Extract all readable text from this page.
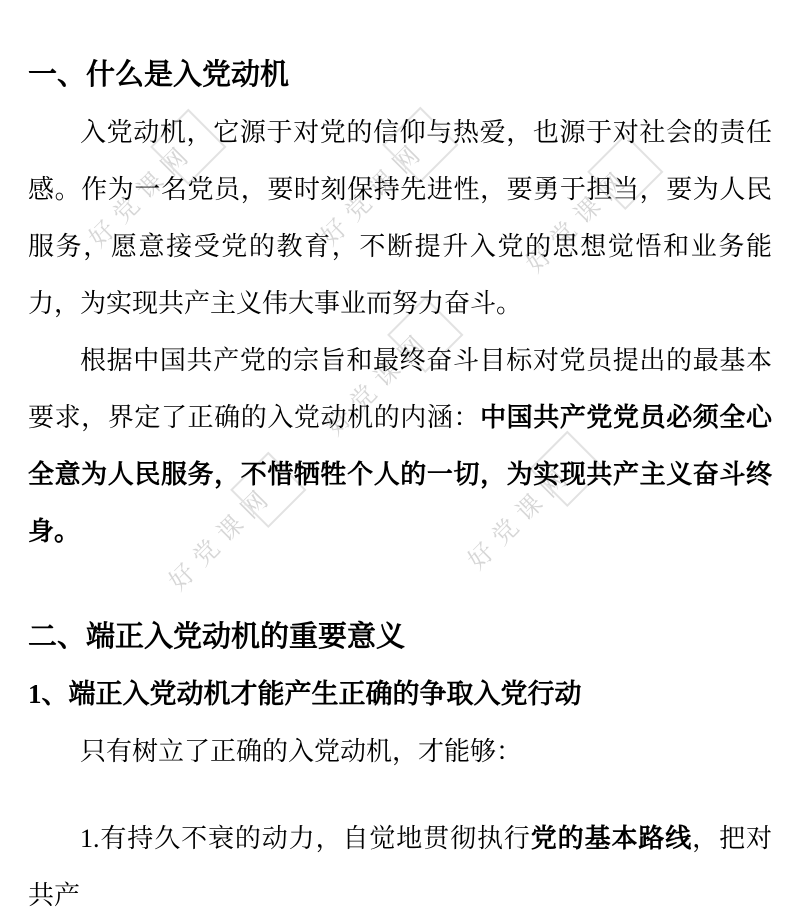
好党课网	好党课网	好党课网
好党课网
好党课网	好党课网
一、什么是入党动机
入党动机，它源于对党的信仰与热爱，也源于对社会的责任感。作为一名党员，要时刻保持先进性，要勇于担当，要为人民服务，愿意接受党的教育，不断提升入党的思想觉悟和业务能力，为实现共产主义伟大事业而努力奋斗。
根据中国共产党的宗旨和最终奋斗目标对党员提出的最基本要求，界定了正确的入党动机的内涵：中国共产党党员必须全心全意为人民服务，不惜牺牲个人的一切，为实现共产主义奋斗终身。
二、端正入党动机的重要意义
1、端正入党动机才能产生正确的争取入党行动
只有树立了正确的入党动机，才能够：
1.有持久不衰的动力，自觉地贯彻执行党的基本路线，把对共产
